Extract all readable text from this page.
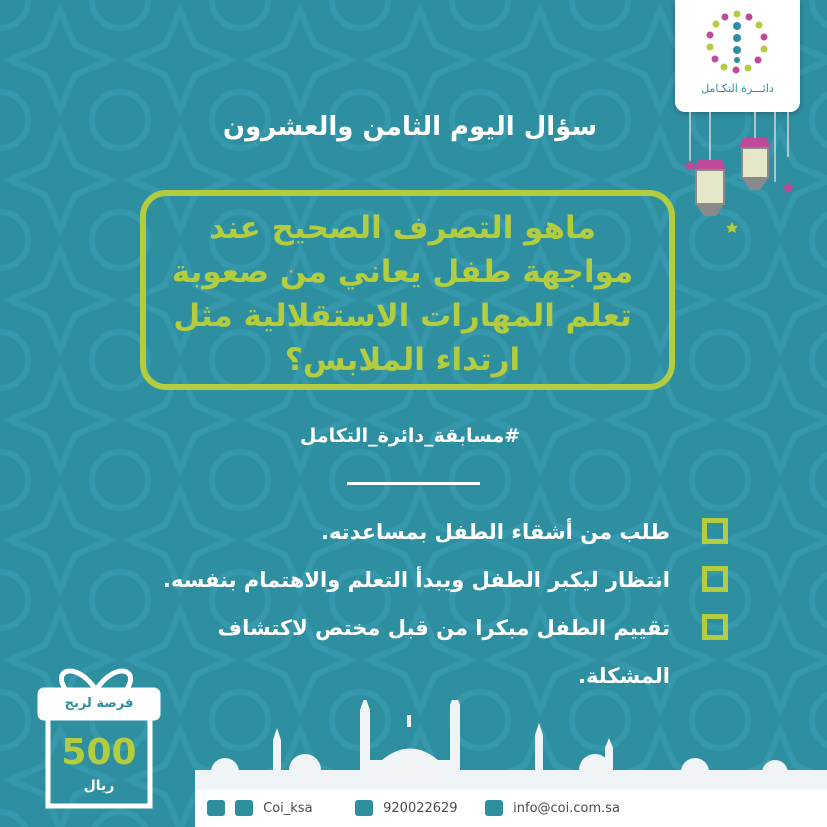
دائـــرة التكـامل
سؤال اليوم الثامن والعشرون
ماهو التصرف الصحيح عند مواجهة طفل يعاني من صعوبة تعلم المهارات الاستقلالية مثل ارتداء الملابس؟
#مسابقة_دائرة_التكامل
طلب من أشقاء الطفل بمساعدته.
انتظار ليكبر الطفل ويبدأ التعلم والاهتمام بنفسه.
تقييم الطفل مبكرا من قبل مختص لاكتشاف المشكلة.
فرصة لربح
500
ريال
Coi_ksa	920022629	info@coi.com.sa
